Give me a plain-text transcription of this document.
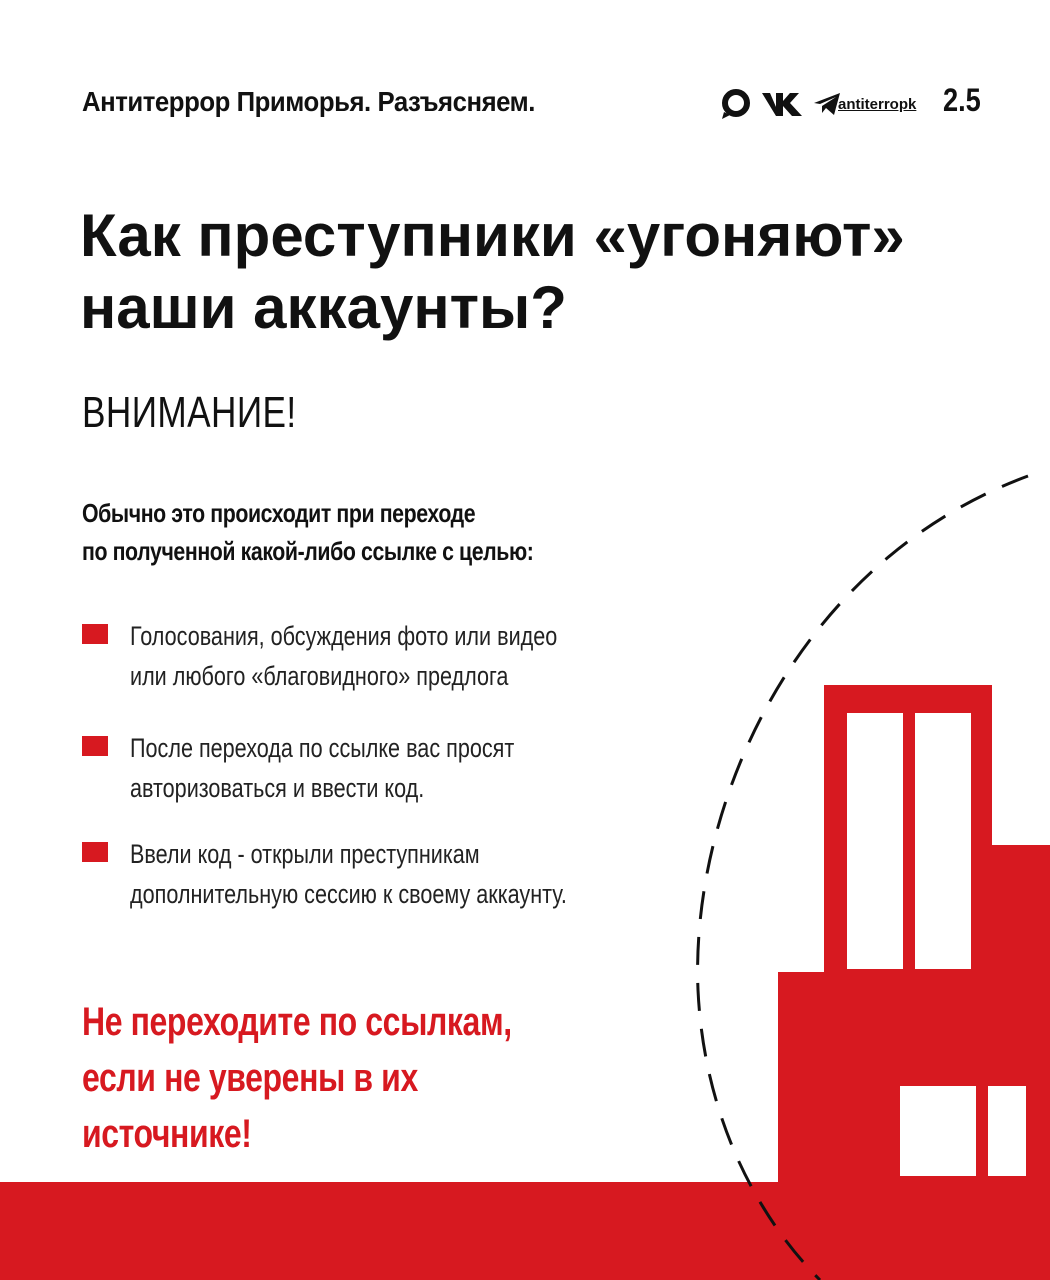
Антитеррор Приморья. Разъясняем.	antiterropk 2.5
Как преступники «угоняют»
наши аккаунты?
ВНИМАНИЕ!
Обычно это происходит при переходе
по полученной какой-либо ссылке с целью:
Голосования, обсуждения фото или видео
или любого «благовидного» предлога
После перехода по ссылке вас просят
авторизоваться и ввести код.
Ввели код - открыли преступникам
дополнительную сессию к своему аккаунту.
Не переходите по ссылкам,
если не уверены в их
источнике!
